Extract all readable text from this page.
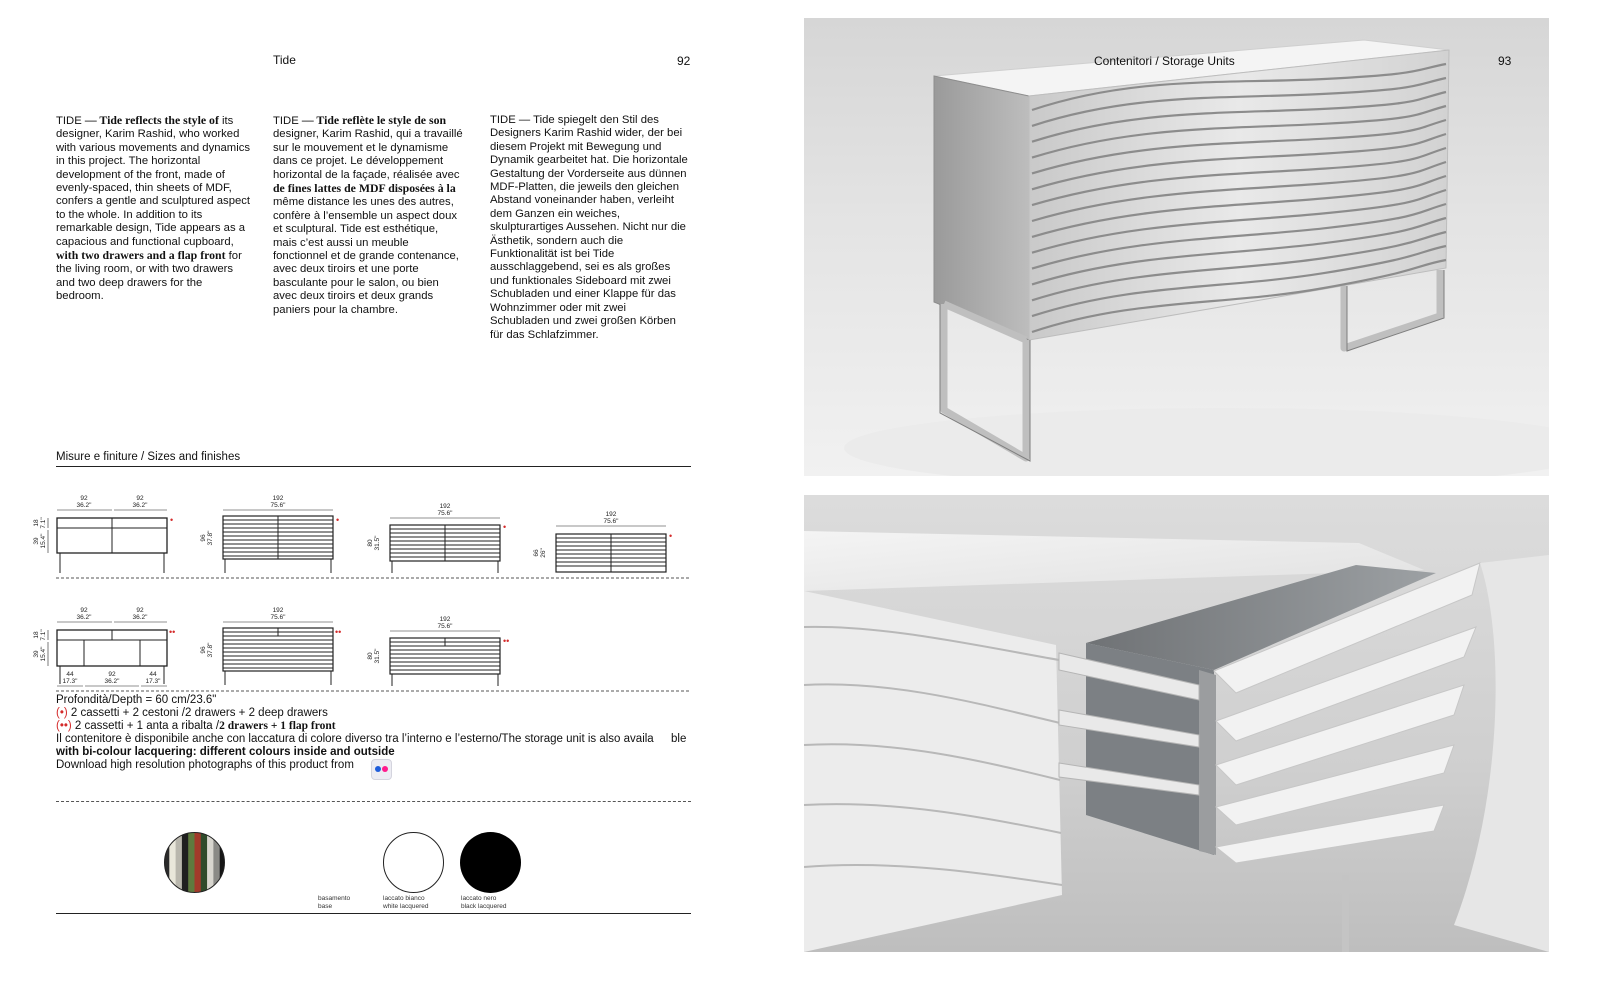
Tide	92
TIDE — Tide reflects the style of its designer, Karim Rashid, who worked with various movements and dynamics in this project. The horizontal development of the front, made of evenly-spaced, thin sheets of MDF, confers a gentle and sculptured aspect to the whole. In addition to its remarkable design, Tide appears as a capacious and functional cupboard, with two drawers and a flap front for the living room, or with two drawers and two deep drawers for the bedroom.
TIDE — Tide reflète le style de son designer, Karim Rashid, qui a travaillé sur le mouvement et le dynamisme dans ce projet. Le développement horizontal de la façade, réalisée avec de fines lattes de MDF disposées à la même distance les unes des autres, confère à l’ensemble un aspect doux et sculptural. Tide est esthétique, mais c’est aussi un meuble fonctionnel et de grande contenance, avec deux tiroirs et une porte basculante pour le salon, ou bien avec deux tiroirs et deux grands paniers pour la chambre.
TIDE — Tide spiegelt den Stil des Designers Karim Rashid wider, der bei diesem Projekt mit Bewegung und Dynamik gearbeitet hat. Die horizontale Gestaltung der Vorderseite aus dünnen MDF-Platten, die jeweils den gleichen Abstand voneinander haben, verleiht dem Ganzen ein weiches, skulpturartiges Aussehen. Nicht nur die Ästhetik, sondern auch die Funktionalität ist bei Tide ausschlaggebend, sei es als großes und funktionales Sideboard mit zwei Schubladen und einer Klappe für das Wohnzimmer oder mit zwei Schubladen und zwei großen Körben für das Schlafzimmer.
Misure e finiture / Sizes and finishes
92
36.2"
92
36.2"
18 7.1"
39 15.4"
192
75.6"
96 37.8"
192
75.6"
80 31.5"
192
75.6"
66 26"
92
36.2"
92
36.2"
18 7.1"
39 15.4"
44
17.3"
92
36.2"
44
17.3"
192
75.6"
96 37.8"
192
75.6"
80 31.5"
•	•
•
•
••	••
••
Profondità/Depth = 60 cm/23.6"
(•) 2 cassetti + 2 cestoni /2 drawers + 2 deep drawers
(••) 2 cassetti + 1 anta a ribalta /2 drawers + 1 flap front
Il contenitore è disponibile anche con laccatura di colore diverso tra l’interno e l’esterno/The storage unit is also availa ble
with bi-colour lacquering: different colours inside and outside
Download high resolution photographs of this product from
basamento
base
laccato bianco
white lacquered
laccato nero
black lacquered
Contenitori / Storage Units	93
